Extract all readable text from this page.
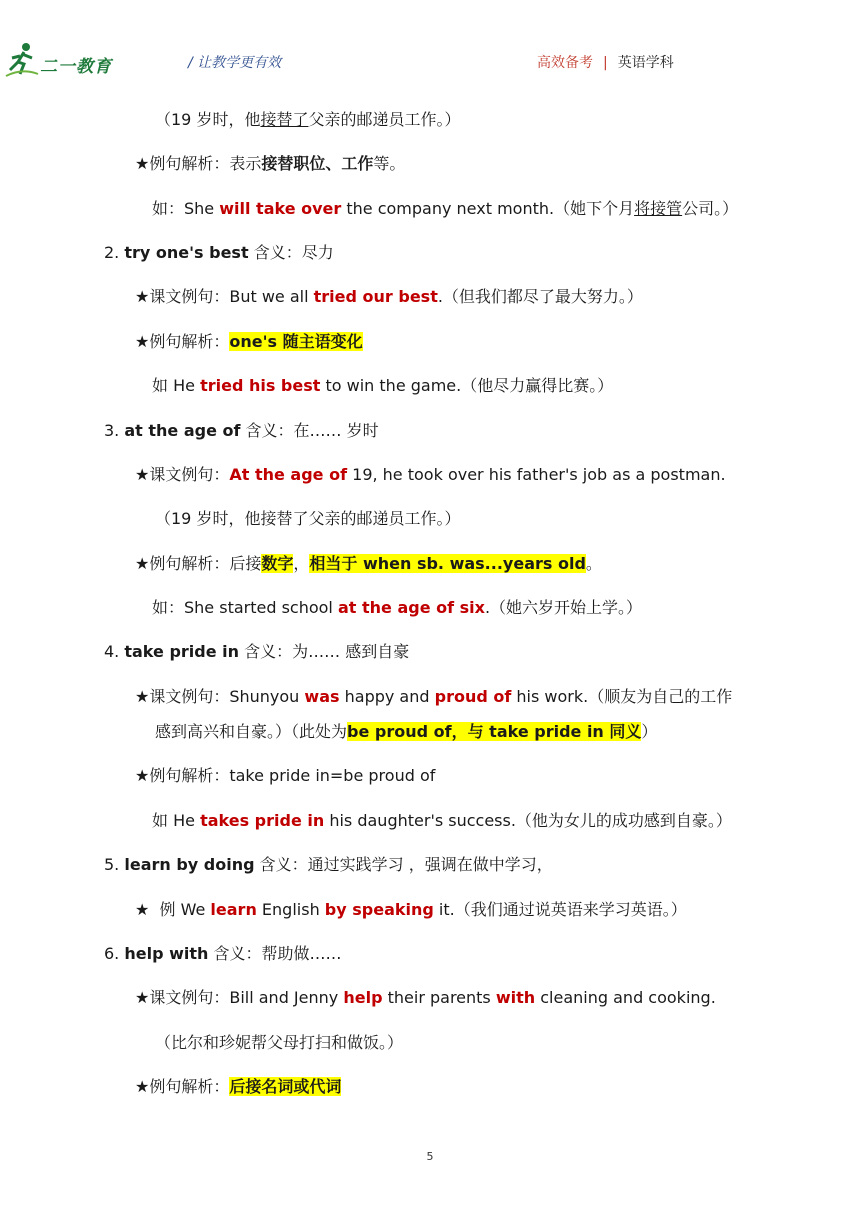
二一教育	/ 让教学更有效	高效备考 | 英语学科
（19 岁时，他接替了父亲的邮递员工作。）
★例句解析：表示接替职位、工作等。
如：She will take over the company next month.（她下个月将接管公司。）
2. try one's best 含义：尽力
★课文例句：But we all tried our best.（但我们都尽了最大努力。）
★例句解析：one's 随主语变化
如 He tried his best to win the game.（他尽力赢得比赛。）
3. at the age of 含义：在…… 岁时
★课文例句：At the age of 19, he took over his father's job as a postman.
（19 岁时，他接替了父亲的邮递员工作。）
★例句解析：后接数字，相当于 when sb. was...years old。
如：She started school at the age of six.（她六岁开始上学。）
4. take pride in 含义：为…… 感到自豪
★课文例句：Shunyou was happy and proud of his work.（顺友为自己的工作
感到高兴和自豪。）（此处为be proud of，与 take pride in 同义）
★例句解析：take pride in=be proud of
如 He takes pride in his daughter's success.（他为女儿的成功感到自豪。）
5. learn by doing 含义：通过实践学习 ，强调在做中学习，
★  例 We learn English by speaking it.（我们通过说英语来学习英语。）
6. help with 含义：帮助做……
★课文例句：Bill and Jenny help their parents with cleaning and cooking.
（比尔和珍妮帮父母打扫和做饭。）
★例句解析：后接名词或代词
5
